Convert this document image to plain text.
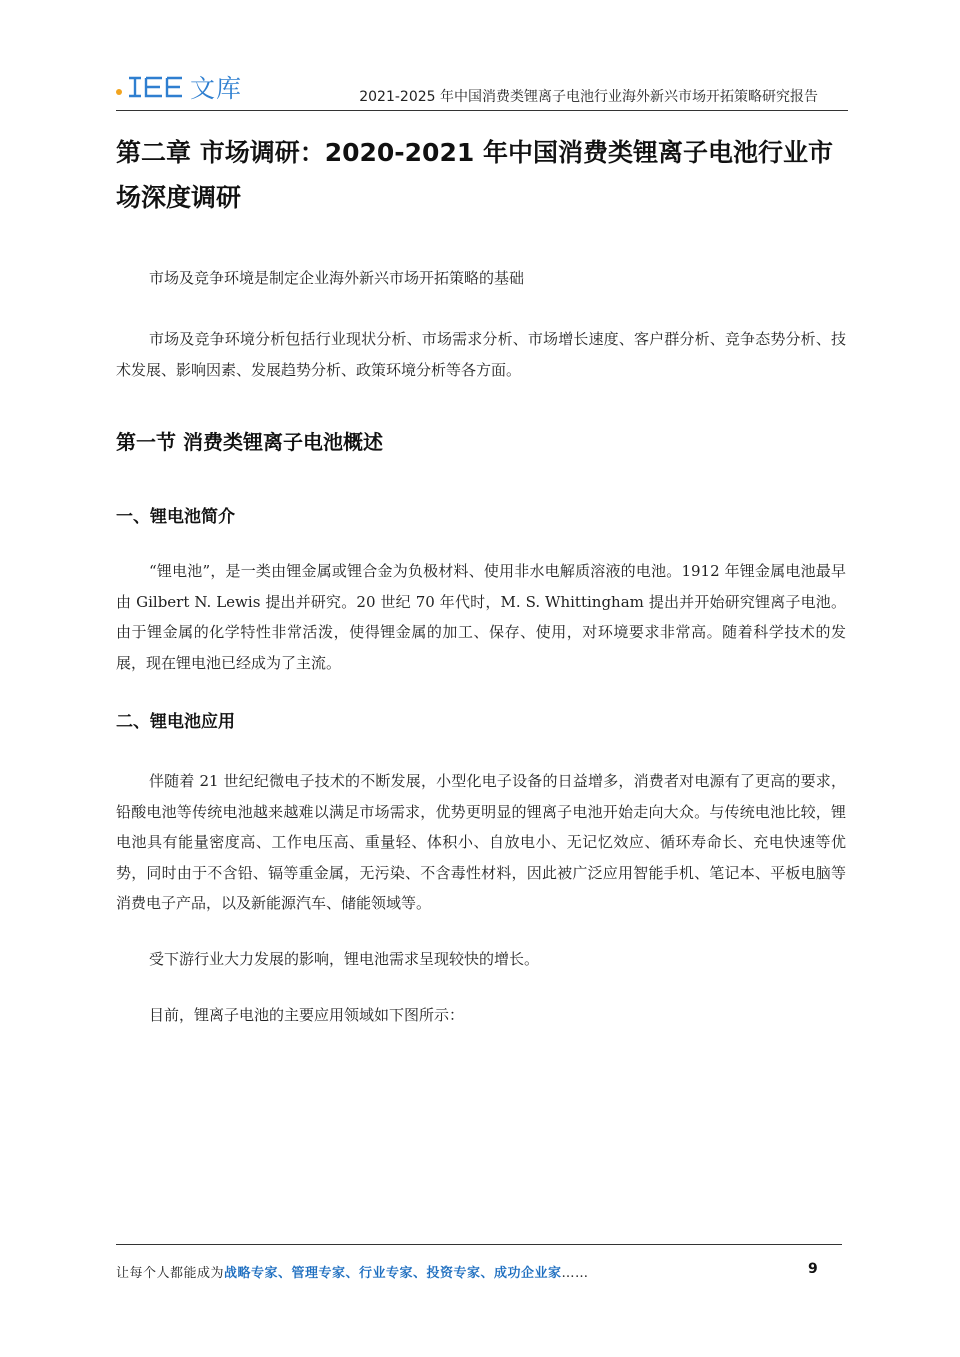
文库	2021-2025 年中国消费类锂离子电池行业海外新兴市场开拓策略研究报告
第二章 市场调研：2020-2021 年中国消费类锂离子电池行业市场深度调研

市场及竞争环境是制定企业海外新兴市场开拓策略的基础

市场及竞争环境分析包括行业现状分析、市场需求分析、市场增长速度、客户群分析、竞争态势分析、技术发展、影响因素、发展趋势分析、政策环境分析等各方面。

第一节 消费类锂离子电池概述
一、锂电池简介

“锂电池”，是一类由锂金属或锂合金为负极材料、使用非水电解质溶液的电池。1912 年锂金属电池最早由 Gilbert N. Lewis 提出并研究。20 世纪 70 年代时，M. S. Whittingham 提出并开始研究锂离子电池。由于锂金属的化学特性非常活泼，使得锂金属的加工、保存、使用，对环境要求非常高。随着科学技术的发展，现在锂电池已经成为了主流。

二、锂电池应用

伴随着 21 世纪纪微电子技术的不断发展，小型化电子设备的日益增多，消费者对电源有了更高的要求，铅酸电池等传统电池越来越难以满足市场需求，优势更明显的锂离子电池开始走向大众。与传统电池比较，锂电池具有能量密度高、工作电压高、重量轻、体积小、自放电小、无记忆效应、循环寿命长、充电快速等优势，同时由于不含铅、镉等重金属，无污染、不含毒性材料，因此被广泛应用智能手机、笔记本、平板电脑等消费电子产品，以及新能源汽车、储能领域等。

受下游行业大力发展的影响，锂电池需求呈现较快的增长。

目前，锂离子电池的主要应用领域如下图所示：

让每个人都能成为战略专家、管理专家、行业专家、投资专家、成功企业家……	9
